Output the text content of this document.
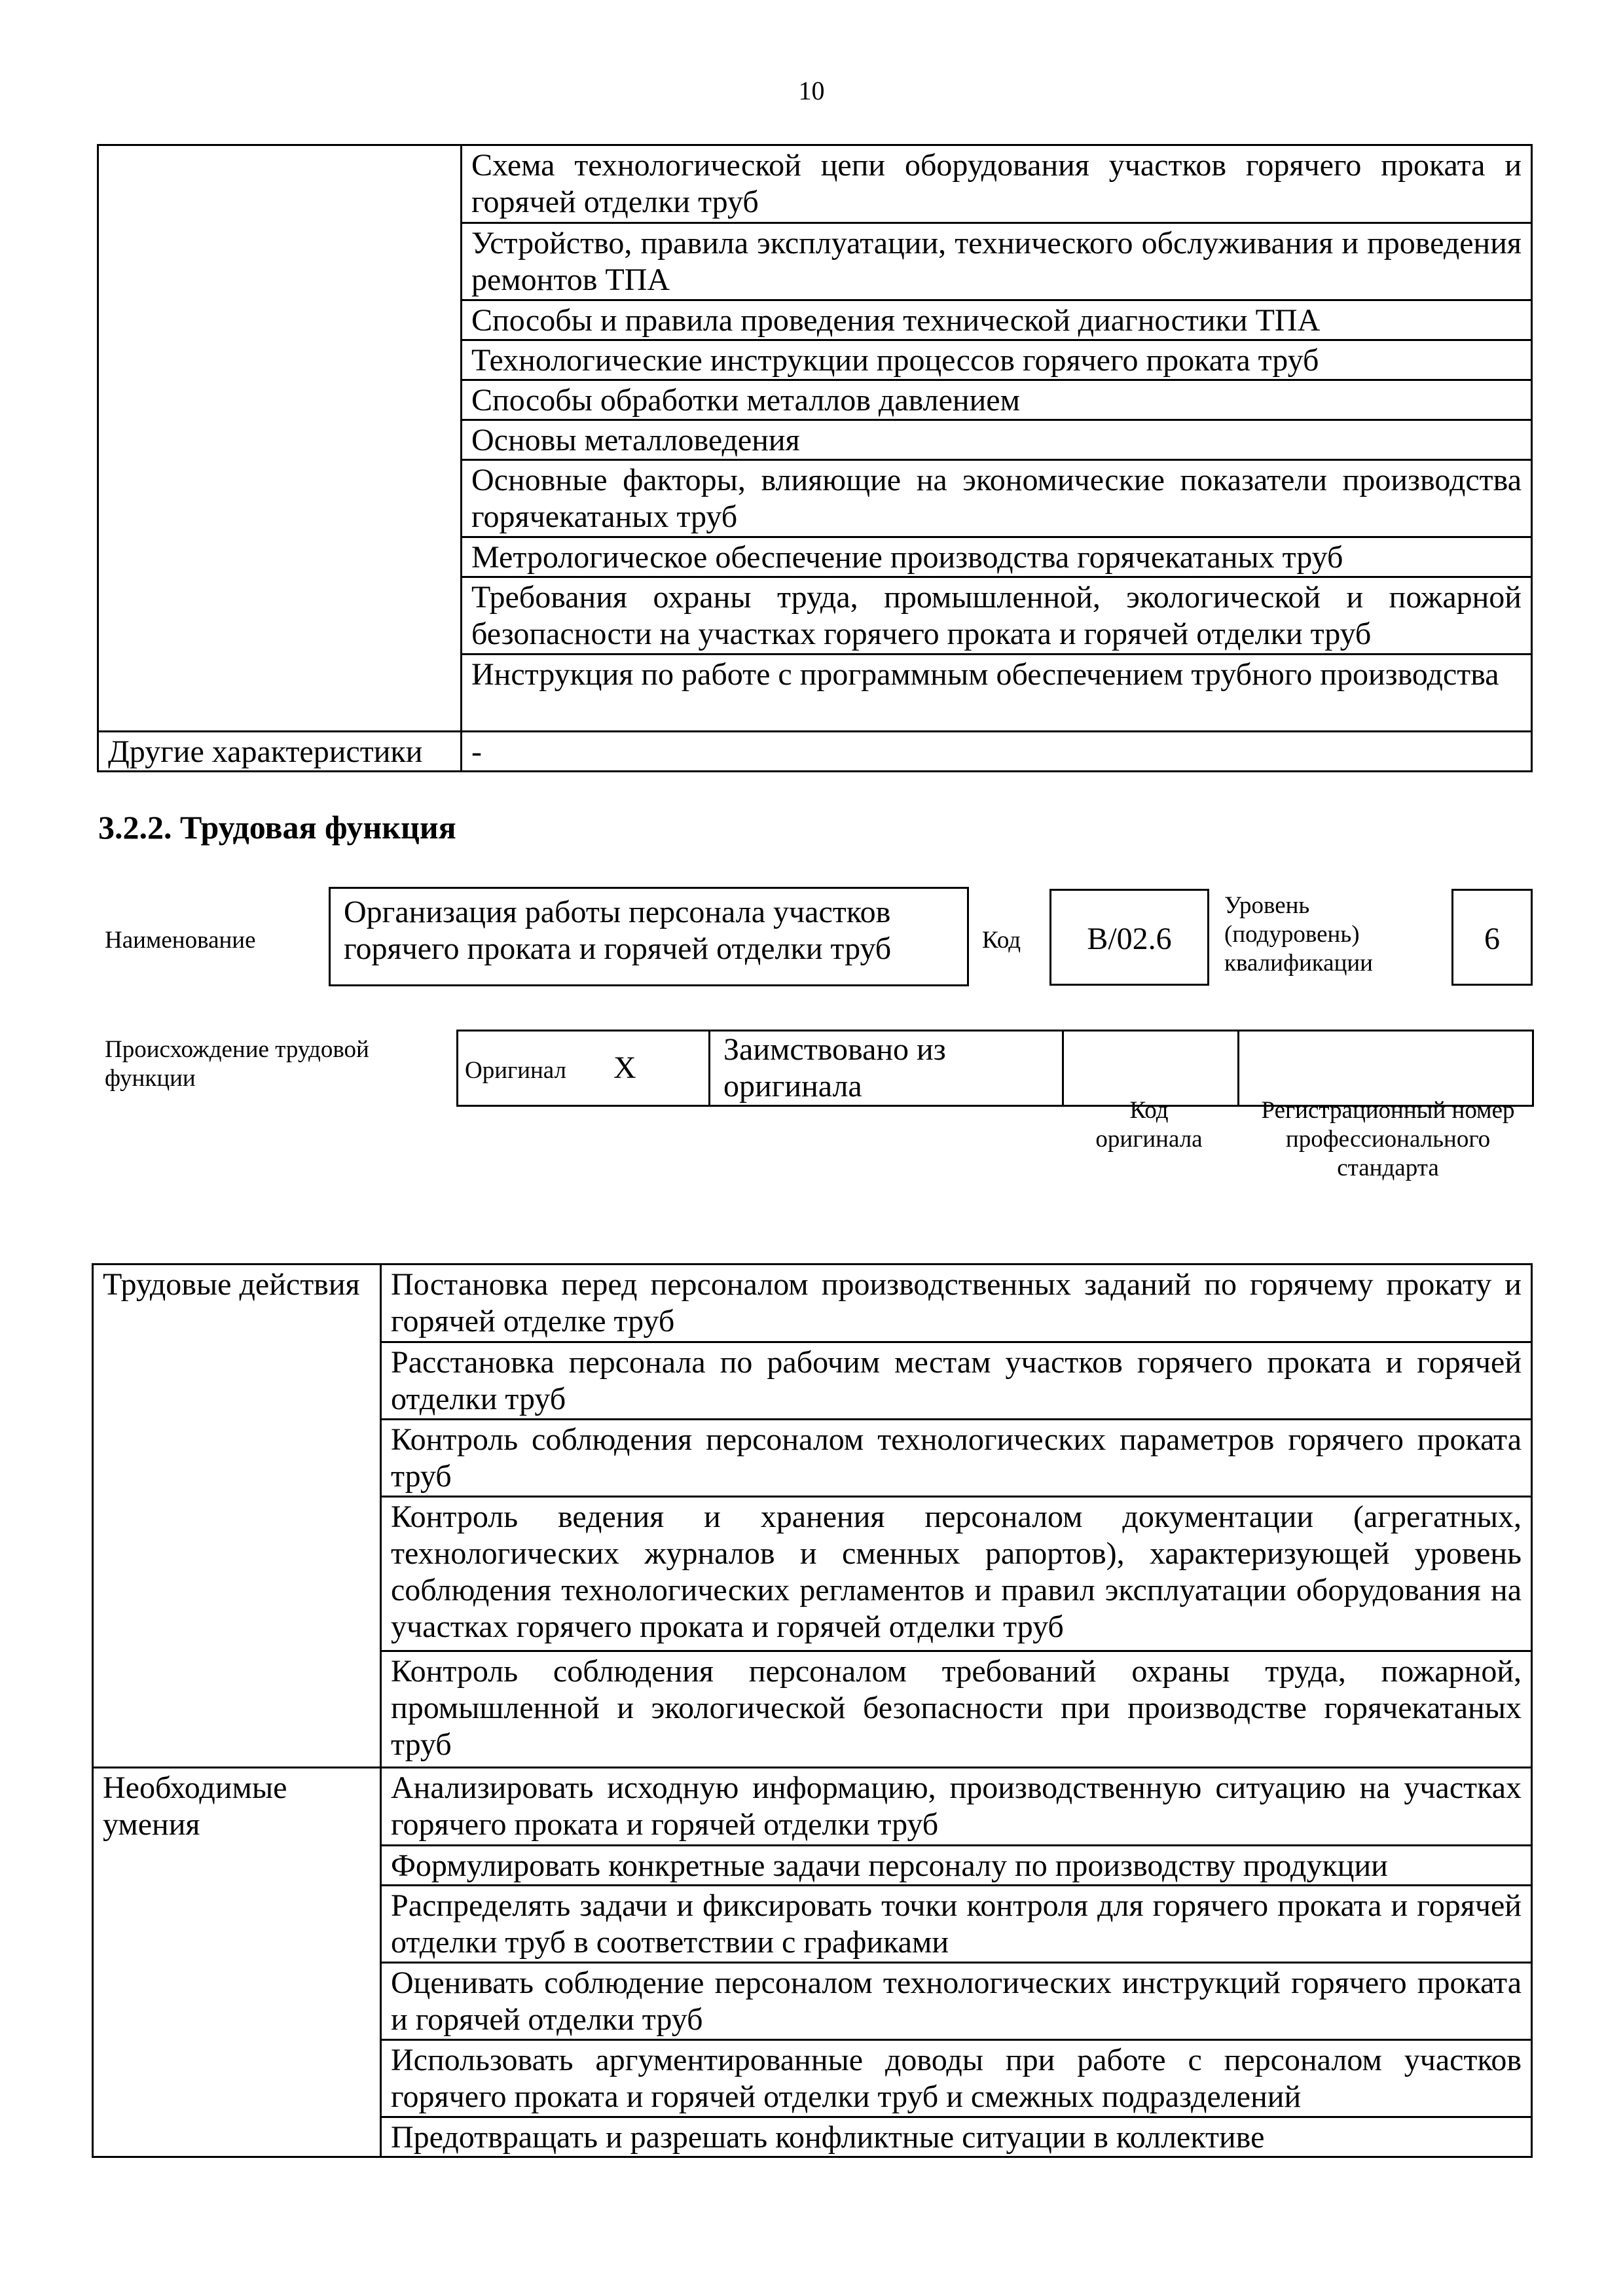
10
	Схема технологической цепи оборудования участков горячего проката и горячей отделки труб
	Устройство, правила эксплуатации, технического обслуживания и проведения ремонтов ТПА
	Способы и правила проведения технической диагностики ТПА
	Технологические инструкции процессов горячего проката труб
	Способы обработки металлов давлением
	Основы металловедения
	Основные факторы, влияющие на экономические показатели производства горячекатаных труб
	Метрологическое обеспечение производства горячекатаных труб
	Требования охраны труда, промышленной, экологической и пожарной безопасности на участках горячего проката и горячей отделки труб
	Инструкция по работе с программным обеспечением трубного производства
Другие характеристики	-
3.2.2. Трудовая функция
Наименование
Организация работы персонала участков горячего проката и горячей отделки труб	Код	B/02.6
Уровень (подуровень) квалификации
6
Происхождение трудовой функции	Оригинал X	Заимствовано из оригинала		
Код оригинала
Регистрационный номер профессионального стандарта
Трудовые действия	Постановка перед персоналом производственных заданий по горячему прокату и горячей отделке труб
	Расстановка персонала по рабочим местам участков горячего проката и горячей отделки труб
	Контроль соблюдения персоналом технологических параметров горячего проката труб
	Контроль ведения и хранения персоналом документации (агрегатных, технологических журналов и сменных рапортов), характеризующей уровень соблюдения технологических регламентов и правил эксплуатации оборудования на участках горячего проката и горячей отделки труб
	Контроль соблюдения персоналом требований охраны труда, пожарной, промышленной и экологической безопасности при производстве горячекатаных труб
Необходимые умения	Анализировать исходную информацию, производственную ситуацию на участках горячего проката и горячей отделки труб
	Формулировать конкретные задачи персоналу по производству продукции
	Распределять задачи и фиксировать точки контроля для горячего проката и горячей отделки труб в соответствии с графиками
	Оценивать соблюдение персоналом технологических инструкций горячего проката и горячей отделки труб
	Использовать аргументированные доводы при работе с персоналом участков горячего проката и горячей отделки труб и смежных подразделений
	Предотвращать и разрешать конфликтные ситуации в коллективе
